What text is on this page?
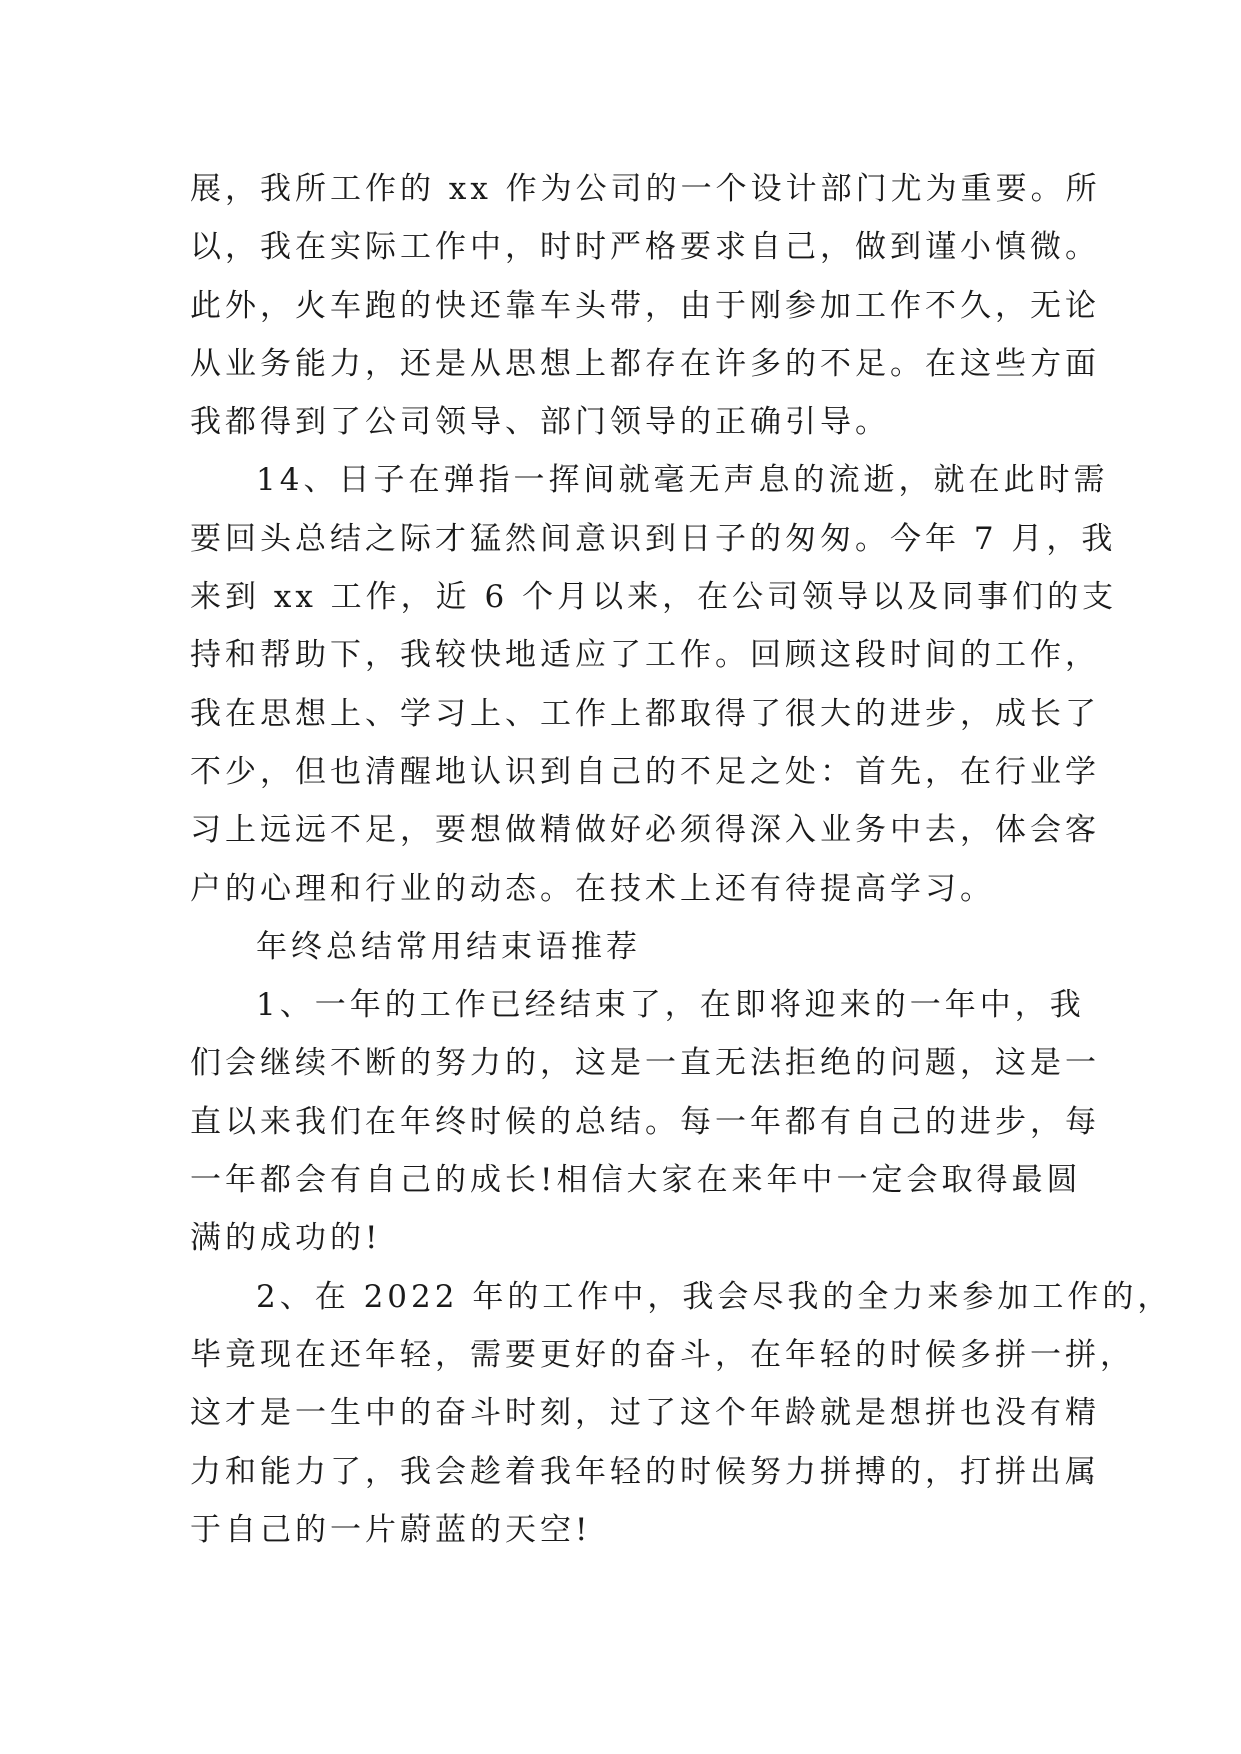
展，我所工作的 xx 作为公司的一个设计部门尤为重要。所
以，我在实际工作中，时时严格要求自己，做到谨小慎微。
此外，火车跑的快还靠车头带，由于刚参加工作不久，无论
从业务能力，还是从思想上都存在许多的不足。在这些方面
我都得到了公司领导、部门领导的正确引导。
14、日子在弹指一挥间就毫无声息的流逝，就在此时需
要回头总结之际才猛然间意识到日子的匆匆。今年 7 月，我
来到 xx 工作，近 6 个月以来，在公司领导以及同事们的支
持和帮助下，我较快地适应了工作。回顾这段时间的工作，
我在思想上、学习上、工作上都取得了很大的进步，成长了
不少，但也清醒地认识到自己的不足之处：首先，在行业学
习上远远不足，要想做精做好必须得深入业务中去，体会客
户的心理和行业的动态。在技术上还有待提高学习。
年终总结常用结束语推荐
1、一年的工作已经结束了，在即将迎来的一年中，我
们会继续不断的努力的，这是一直无法拒绝的问题，这是一
直以来我们在年终时候的总结。每一年都有自己的进步，每
一年都会有自己的成长!相信大家在来年中一定会取得最圆
满的成功的!
2、在 2022 年的工作中，我会尽我的全力来参加工作的，
毕竟现在还年轻，需要更好的奋斗，在年轻的时候多拼一拼，
这才是一生中的奋斗时刻，过了这个年龄就是想拼也没有精
力和能力了，我会趁着我年轻的时候努力拼搏的，打拼出属
于自己的一片蔚蓝的天空!
